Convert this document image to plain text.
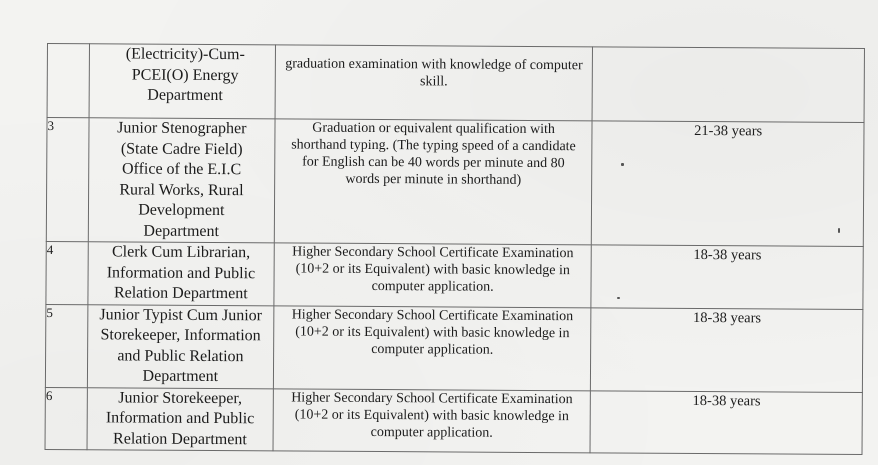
	(Electricity)-Cum-PCEI(O) Energy Department	graduation examination with knowledge of computer skill.	
3	Junior Stenographer (State Cadre Field) Office of the E.I.C Rural Works, Rural Development Department	Graduation or equivalent qualification with shorthand typing. (The typing speed of a candidate for English can be 40 words per minute and 80 words per minute in shorthand)	21-38 years
4	Clerk Cum Librarian, Information and Public Relation Department	Higher Secondary School Certificate Examination (10+2 or its Equivalent) with basic knowledge in computer application.	18-38 years
5	Junior Typist Cum Junior Storekeeper, Information and Public Relation Department	Higher Secondary School Certificate Examination (10+2 or its Equivalent) with basic knowledge in computer application.	18-38 years
6	Junior Storekeeper, Information and Public Relation Department	Higher Secondary School Certificate Examination (10+2 or its Equivalent) with basic knowledge in computer application.	18-38 years
